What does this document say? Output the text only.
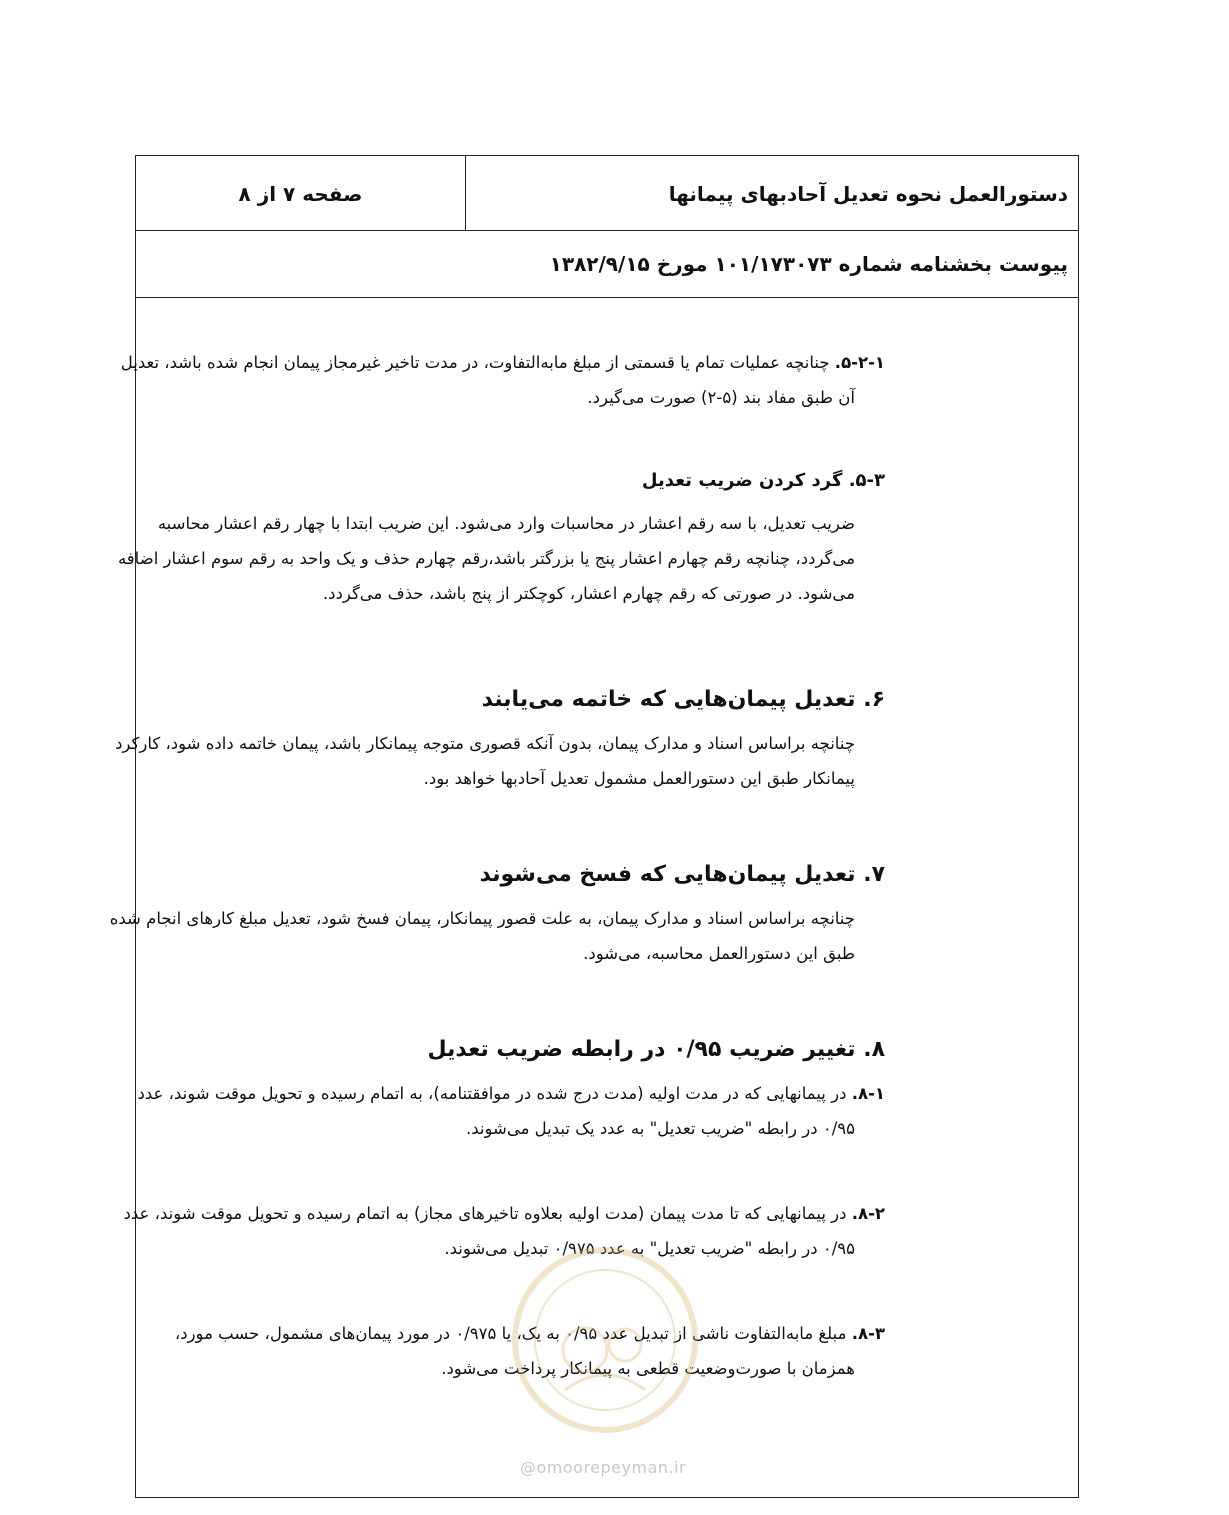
صفحه ۷ از ۸	دستورالعمل نحوه تعدیل آحادبهای پیمانها
پیوست بخشنامه شماره ۱۰۱/۱۷۳۰۷۳ مورخ ۱۳۸۲/۹/۱۵

۵-۲-۱. چنانچه عملیات تمام یا قسمتی از مبلغ مابه‌التفاوت، در مدت تاخیر غیرمجاز پیمان انجام شده باشد، تعدیل

آن طبق مفاد بند (۵-۲) صورت می‌گیرد.

۵-۳. گرد کردن ضریب تعدیل

ضریب تعدیل، با سه رقم اعشار در محاسبات وارد می‌شود. این ضریب ابتدا با چهار رقم اعشار محاسبه

می‌گردد، چنانچه رقم چهارم اعشار پنج یا بزرگتر باشد،رقم چهارم حذف و یک واحد به رقم سوم اعشار اضافه

می‌شود. در صورتی که رقم چهارم اعشار، کوچکتر از پنج باشد، حذف می‌گردد.

۶. تعدیل پیمان‌هایی که خاتمه می‌یابند

چنانچه براساس اسناد و مدارک پیمان، بدون آنکه قصوری متوجه پیمانکار باشد، پیمان خاتمه داده شود، کارکرد

پیمانکار طبق این دستورالعمل مشمول تعدیل آحادبها خواهد بود.

۷. تعدیل پیمان‌هایی که فسخ می‌شوند

چنانچه براساس اسناد و مدارک پیمان، به علت قصور پیمانکار، پیمان فسخ شود، تعدیل مبلغ کارهای انجام شده

طبق این دستورالعمل محاسبه، می‌شود.

۸. تغییر ضریب ۰/۹۵ در رابطه ضریب تعدیل

۸-۱. در پیمانهایی که در مدت اولیه (مدت درج شده در موافقتنامه)، به اتمام رسیده و تحویل موقت شوند، عدد

۰/۹۵ در رابطه "ضریب تعدیل" به عدد یک تبدیل می‌شوند.

۸-۲. در پیمانهایی که تا مدت پیمان (مدت اولیه بعلاوه تاخیرهای مجاز) به اتمام رسیده و تحویل موقت شوند، عدد

۰/۹۵ در رابطه "ضریب تعدیل" به عدد ۰/۹۷۵ تبدیل می‌شوند.

۸-۳. مبلغ مابه‌التفاوت ناشی از تبدیل عدد ۰/۹۵ به یک، یا ۰/۹۷۵ در مورد پیمان‌های مشمول، حسب مورد،

همزمان با صورت‌وضعیت قطعی به پیمانکار پرداخت می‌شود.

@omoorepeyman.ir
